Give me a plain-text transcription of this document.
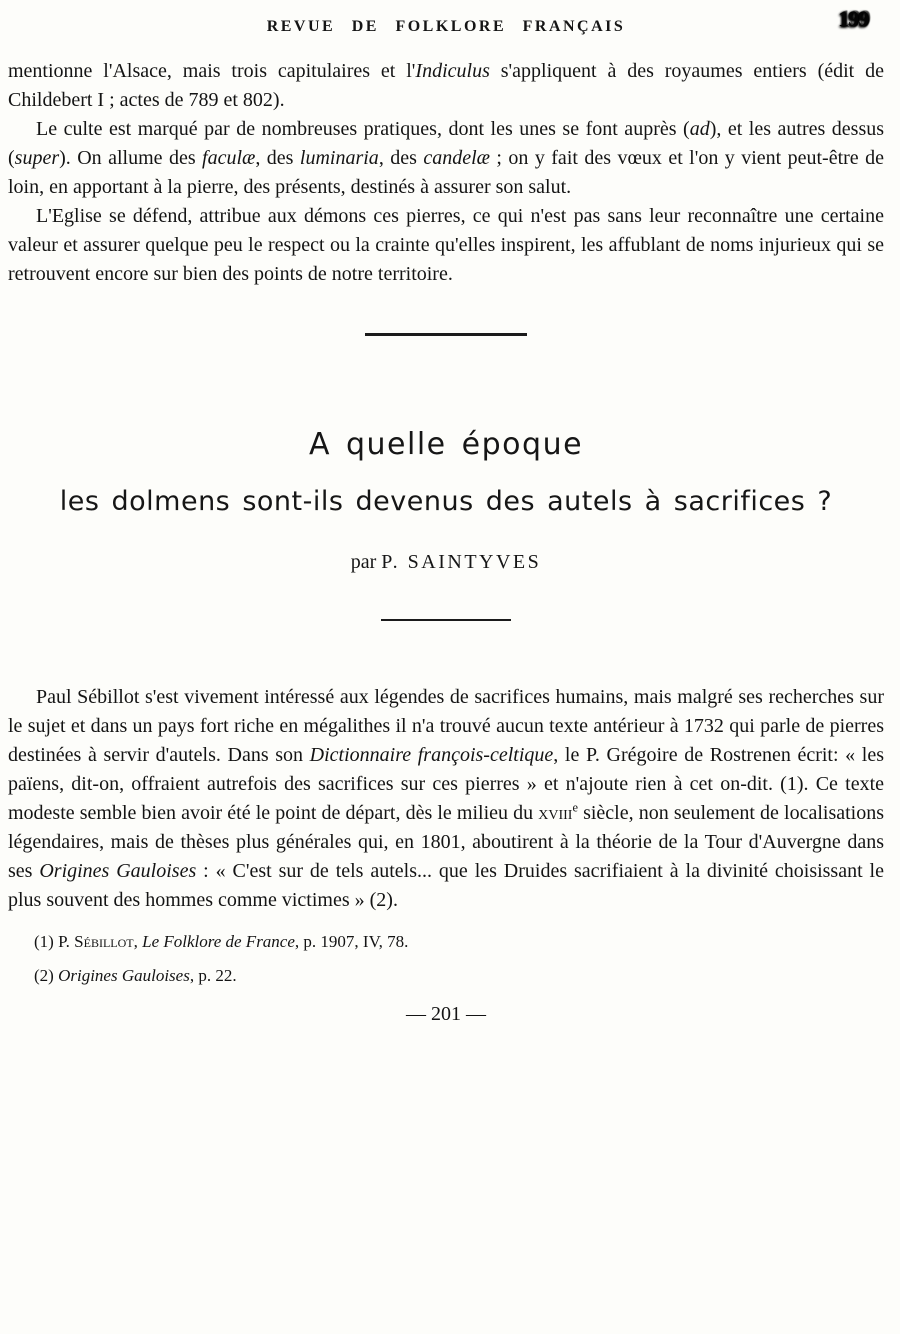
REVUE DE FOLKLORE FRANÇAIS	199

mentionne l'Alsace, mais trois capitulaires et l'Indiculus s'appliquent à des royaumes entiers (édit de Childebert I ; actes de 789 et 802).

Le culte est marqué par de nombreuses pratiques, dont les unes se font auprès (ad), et les autres dessus (super). On allume des faculæ, des luminaria, des candelæ ; on y fait des vœux et l'on y vient peut-être de loin, en apportant à la pierre, des présents, destinés à assurer son salut.

L'Eglise se défend, attribue aux démons ces pierres, ce qui n'est pas sans leur reconnaître une certaine valeur et assurer quelque peu le respect ou la crainte qu'elles inspirent, les affublant de noms injurieux qui se retrouvent encore sur bien des points de notre territoire.

A quelle époque
les dolmens sont-ils devenus des autels à sacrifices ?
par P. SAINTYVES

Paul Sébillot s'est vivement intéressé aux légendes de sacrifices humains, mais malgré ses recherches sur le sujet et dans un pays fort riche en mégalithes il n'a trouvé aucun texte antérieur à 1732 qui parle de pierres destinées à servir d'autels. Dans son Dictionnaire françois-celtique, le P. Grégoire de Rostrenen écrit: « les païens, dit-on, offraient autrefois des sacrifices sur ces pierres » et n'ajoute rien à cet on-dit. (1). Ce texte modeste semble bien avoir été le point de départ, dès le milieu du xviii$^e$ siècle, non seulement de localisations légendaires, mais de thèses plus générales qui, en 1801, aboutirent à la théorie de la Tour d'Auvergne dans ses Origines Gauloises : « C'est sur de tels autels... que les Druides sacrifiaient à la divinité choisissant le plus souvent des hommes comme victimes » (2).

(1) P. Sébillot, Le Folklore de France, p. 1907, IV, 78.

(2) Origines Gauloises, p. 22.

— 201 —
